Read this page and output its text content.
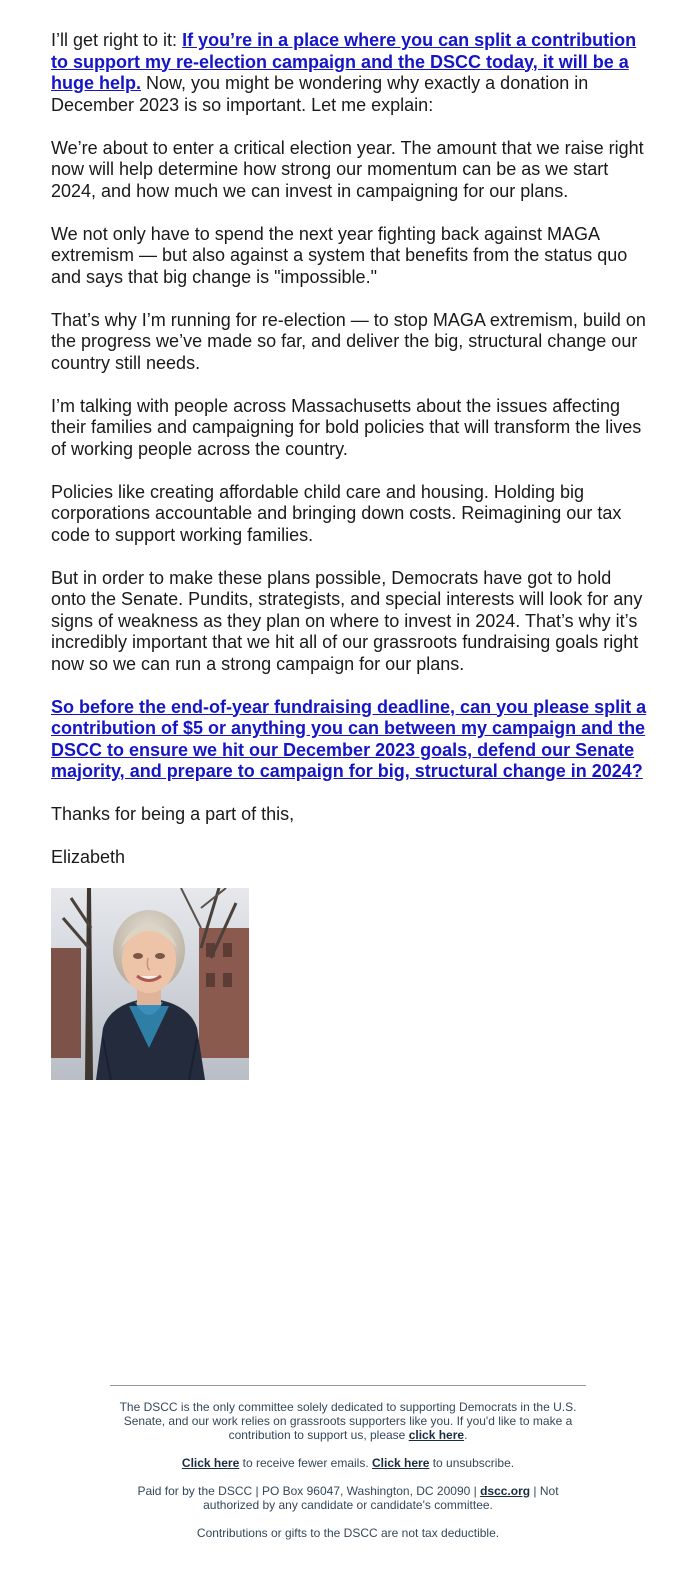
I’ll get right to it: If you’re in a place where you can split a contribution to support my re-election campaign and the DSCC today, it will be a huge help. Now, you might be wondering why exactly a donation in December 2023 is so important. Let me explain:

We’re about to enter a critical election year. The amount that we raise right now will help determine how strong our momentum can be as we start 2024, and how much we can invest in campaigning for our plans.

We not only have to spend the next year fighting back against MAGA extremism — but also against a system that benefits from the status quo and says that big change is "impossible."

That’s why I’m running for re-election — to stop MAGA extremism, build on the progress we’ve made so far, and deliver the big, structural change our country still needs.

I’m talking with people across Massachusetts about the issues affecting their families and campaigning for bold policies that will transform the lives of working people across the country.

Policies like creating affordable child care and housing. Holding big corporations accountable and bringing down costs. Reimagining our tax code to support working families.

But in order to make these plans possible, Democrats have got to hold onto the Senate. Pundits, strategists, and special interests will look for any signs of weakness as they plan on where to invest in 2024. That’s why it’s incredibly important that we hit all of our grassroots fundraising goals right now so we can run a strong campaign for our plans.

So before the end-of-year fundraising deadline, can you please split a contribution of $5 or anything you can between my campaign and the DSCC to ensure we hit our December 2023 goals, defend our Senate majority, and prepare to campaign for big, structural change in 2024?

Thanks for being a part of this,

Elizabeth

The DSCC is the only committee solely dedicated to supporting Democrats in the U.S. Senate, and our work relies on grassroots supporters like you. If you'd like to make a contribution to support us, please click here.

Click here to receive fewer emails. Click here to unsubscribe.

Paid for by the DSCC | PO Box 96047, Washington, DC 20090 | dscc.org | Not authorized by any candidate or candidate's committee.

Contributions or gifts to the DSCC are not tax deductible.
